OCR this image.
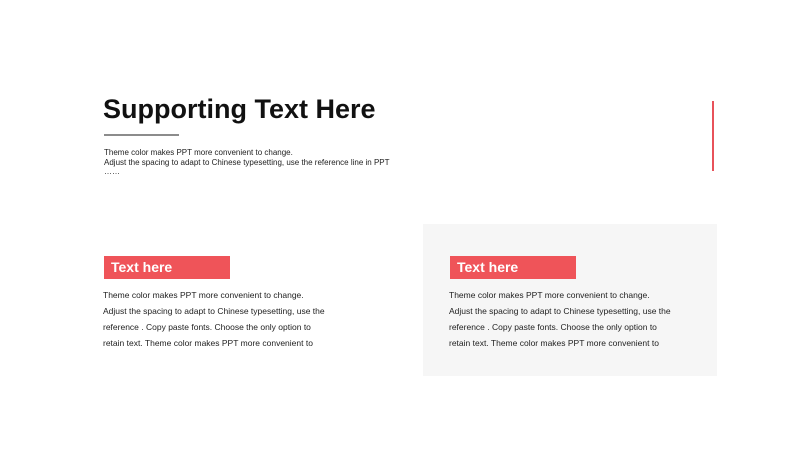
Supporting Text Here
Theme color makes PPT more convenient to change.
Adjust the spacing to adapt to Chinese typesetting, use the reference line in PPT
……
Text here
Theme color makes PPT more convenient to change.
Adjust the spacing to adapt to Chinese typesetting, use the
reference . Copy paste fonts. Choose the only option to
retain text. Theme color makes PPT more convenient to
Text here
Theme color makes PPT more convenient to change.
Adjust the spacing to adapt to Chinese typesetting, use the
reference . Copy paste fonts. Choose the only option to
retain text. Theme color makes PPT more convenient to
